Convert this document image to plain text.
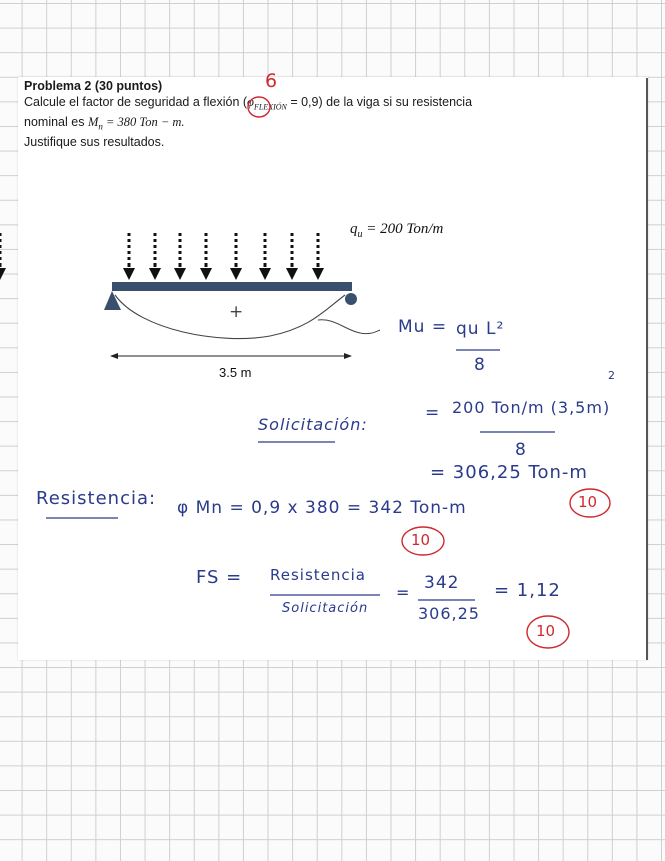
Problema 2 (30 puntos)
Calcule el factor de seguridad a flexión $(\varphi_{FLEXIÓN} = 0,9)$ de la viga si su resistencia
nominal es $M_n = 380$ Ton − m.
Justifique sus resultados.
$q_u = 200$ Ton/m
+
3.5 m
Mu = qu L²
8
Solicitación:
= 200 Ton/m (3,5m)
2
8
= 306,25 Ton-m
Resistencia: φ Mn = 0,9 x 380 = 342 Ton-m
FS = Resistencia
Solicitación
= 342
306,25
= 1,12
6
10
10
10
